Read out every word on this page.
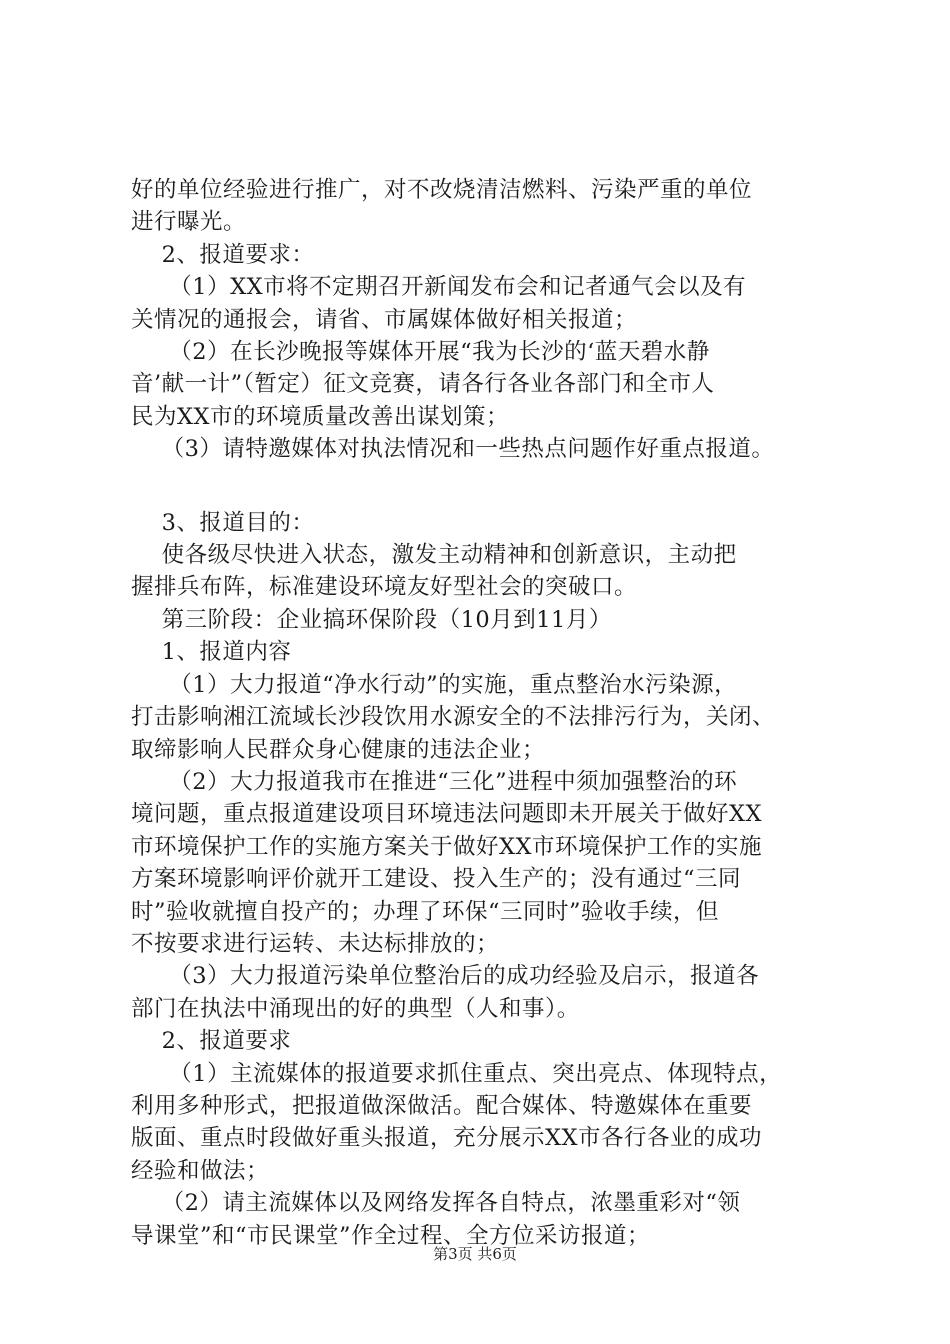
好的单位经验进行推广，对不改烧清洁燃料、污染严重的单位
进行曝光。
2、报道要求：
（1）XX市将不定期召开新闻发布会和记者通气会以及有
关情况的通报会，请省、市属媒体做好相关报道；
（2）在长沙晚报等媒体开展“我为长沙的‘蓝天碧水静
音’献一计”（暂定）征文竞赛，请各行各业各部门和全市人
民为XX市的环境质量改善出谋划策；
（3）请特邀媒体对执法情况和一些热点问题作好重点报道。
3、报道目的：
使各级尽快进入状态，激发主动精神和创新意识，主动把
握排兵布阵，标准建设环境友好型社会的突破口。
第三阶段：企业搞环保阶段（10月到11月）
1、报道内容
（1）大力报道“净水行动”的实施，重点整治水污染源，
打击影响湘江流域长沙段饮用水源安全的不法排污行为，关闭、
取缔影响人民群众身心健康的违法企业；
（2）大力报道我市在推进“三化”进程中须加强整治的环
境问题，重点报道建设项目环境违法问题即未开展关于做好XX
市环境保护工作的实施方案关于做好XX市环境保护工作的实施
方案环境影响评价就开工建设、投入生产的；没有通过“三同
时”验收就擅自投产的；办理了环保“三同时”验收手续，但
不按要求进行运转、未达标排放的；
（3）大力报道污染单位整治后的成功经验及启示，报道各
部门在执法中涌现出的好的典型（人和事）。
2、报道要求
（1）主流媒体的报道要求抓住重点、突出亮点、体现特点，
利用多种形式，把报道做深做活。配合媒体、特邀媒体在重要
版面、重点时段做好重头报道，充分展示XX市各行各业的成功
经验和做法；
（2）请主流媒体以及网络发挥各自特点，浓墨重彩对“领
导课堂”和“市民课堂”作全过程、全方位采访报道；
第3页 共6页
